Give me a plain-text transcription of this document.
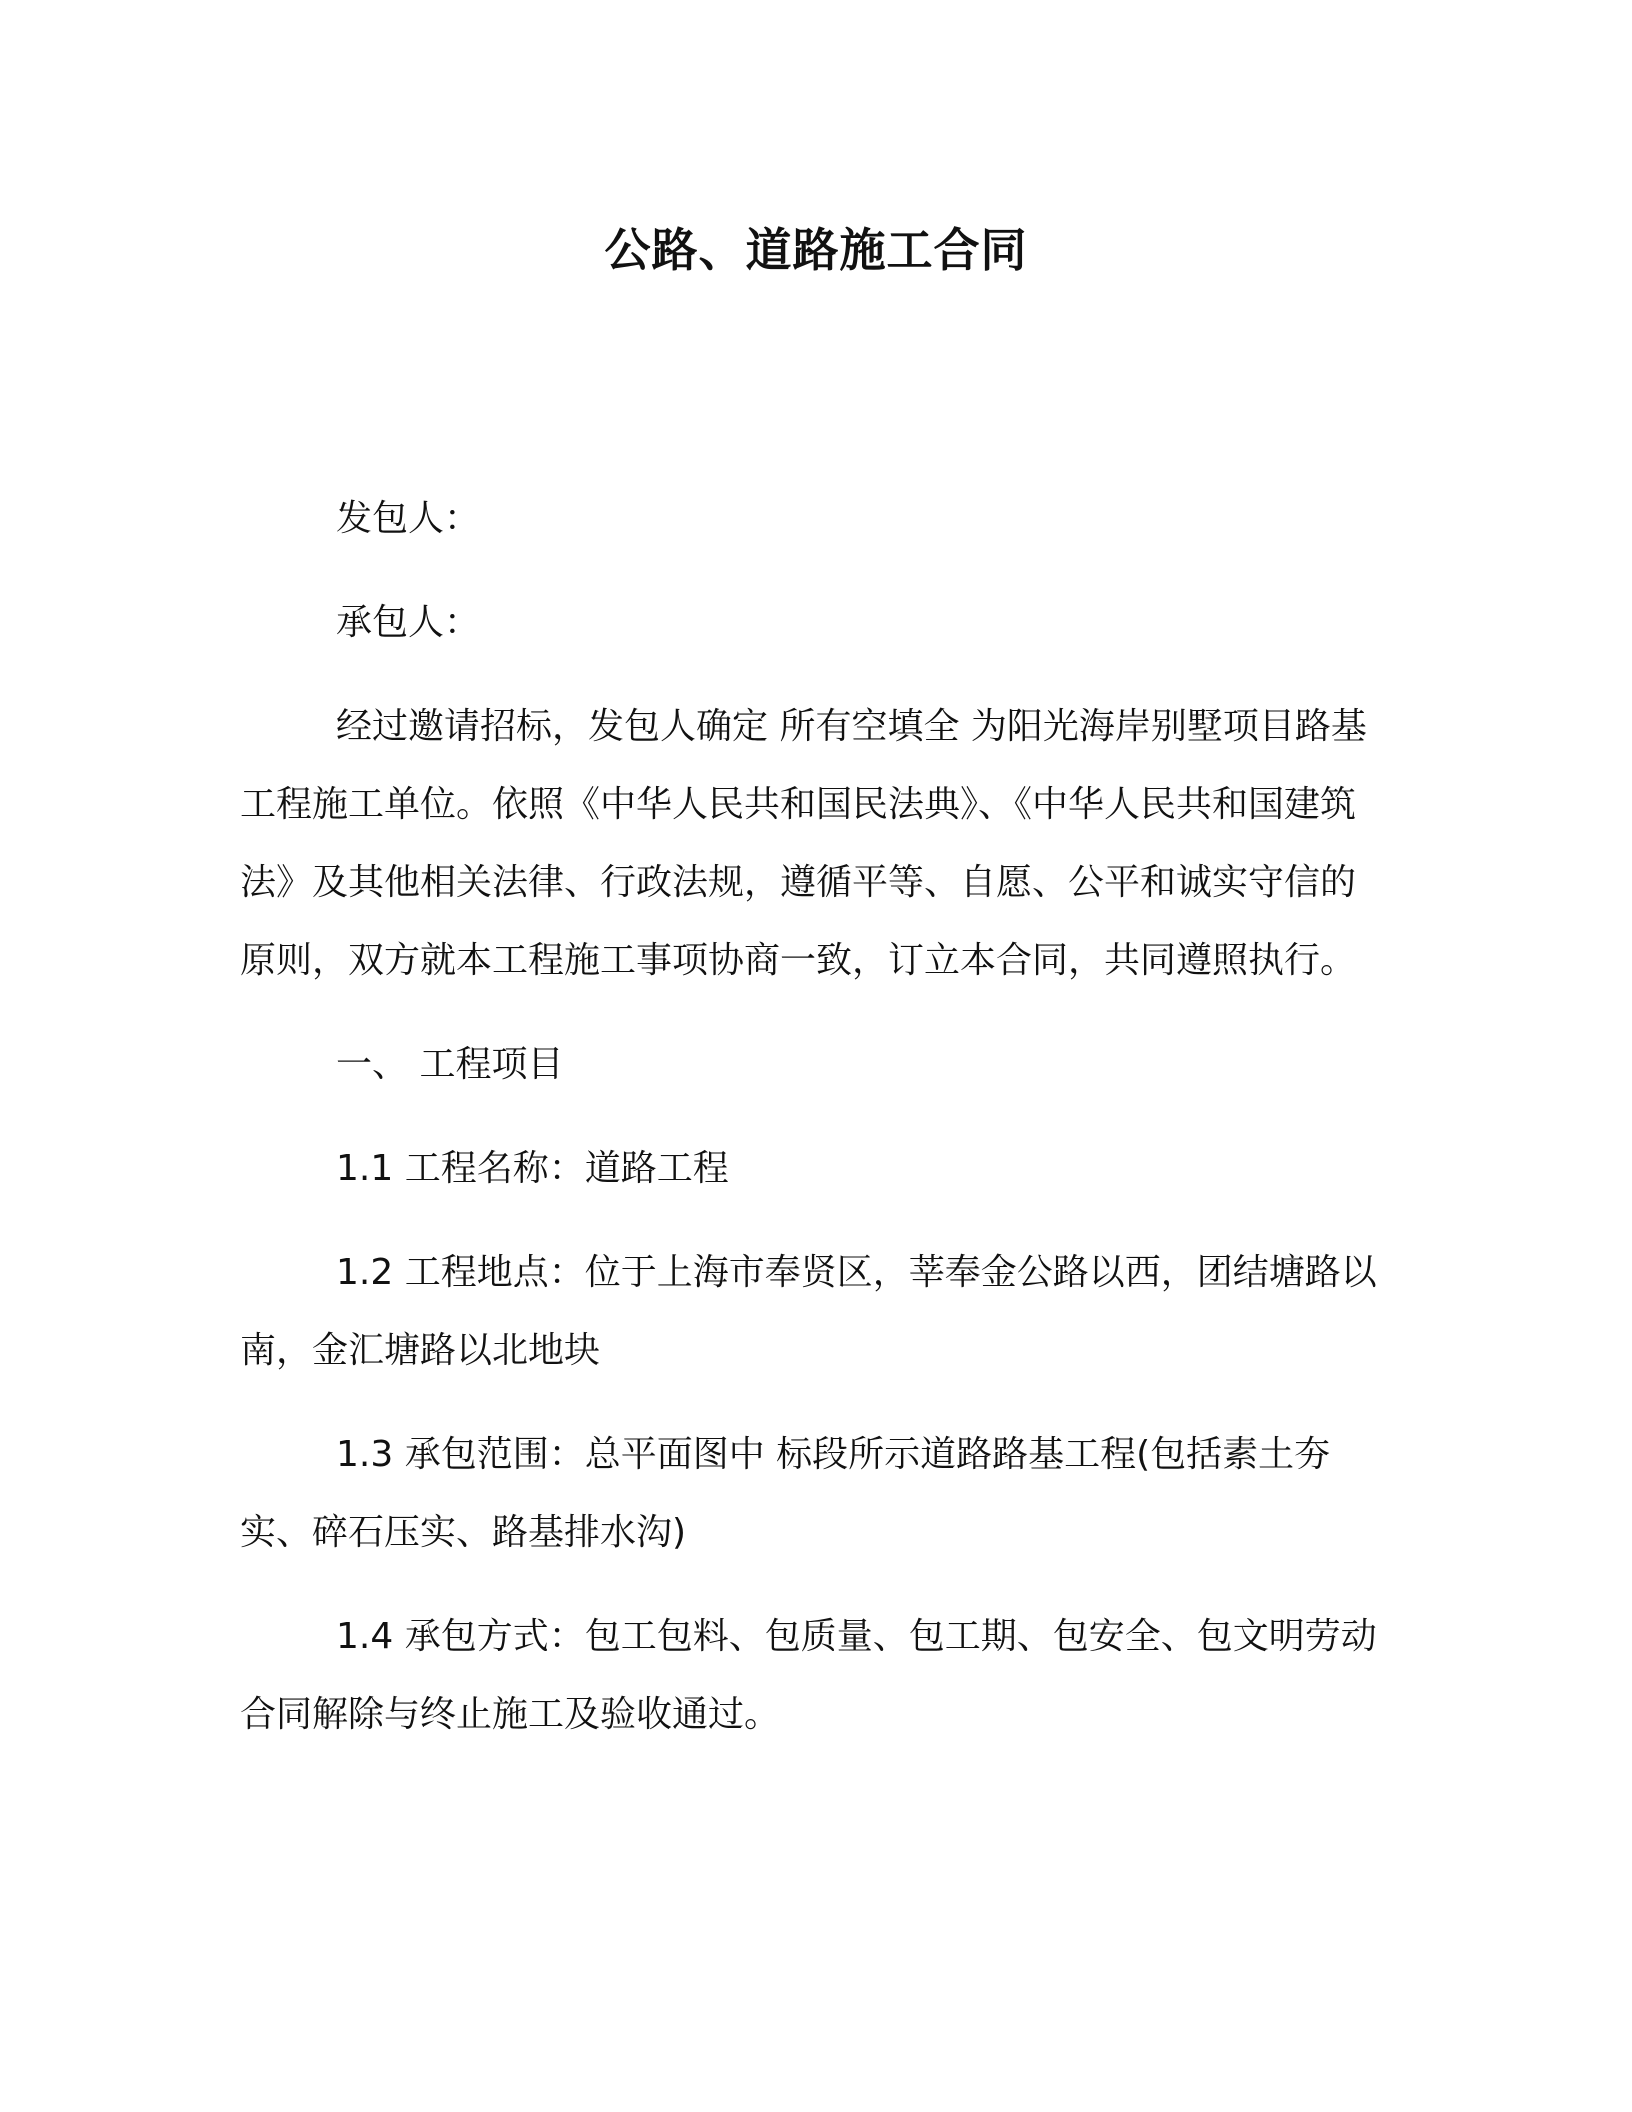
公路、道路施工合同

发包人：

承包人：

经过邀请招标，发包人确定 所有空填全 为阳光海岸别墅项目路基工程施工单位。依照《中华人民共和国民法典》、《中华人民共和国建筑法》及其他相关法律、行政法规，遵循平等、自愿、公平和诚实守信的原则，双方就本工程施工事项协商一致，订立本合同，共同遵照执行。

一、 工程项目

1.1 工程名称：道路工程

1.2 工程地点：位于上海市奉贤区，莘奉金公路以西，团结塘路以南，金汇塘路以北地块

1.3 承包范围：总平面图中 标段所示道路路基工程(包括素土夯实、碎石压实、路基排水沟)

1.4 承包方式：包工包料、包质量、包工期、包安全、包文明劳动合同解除与终止施工及验收通过。
